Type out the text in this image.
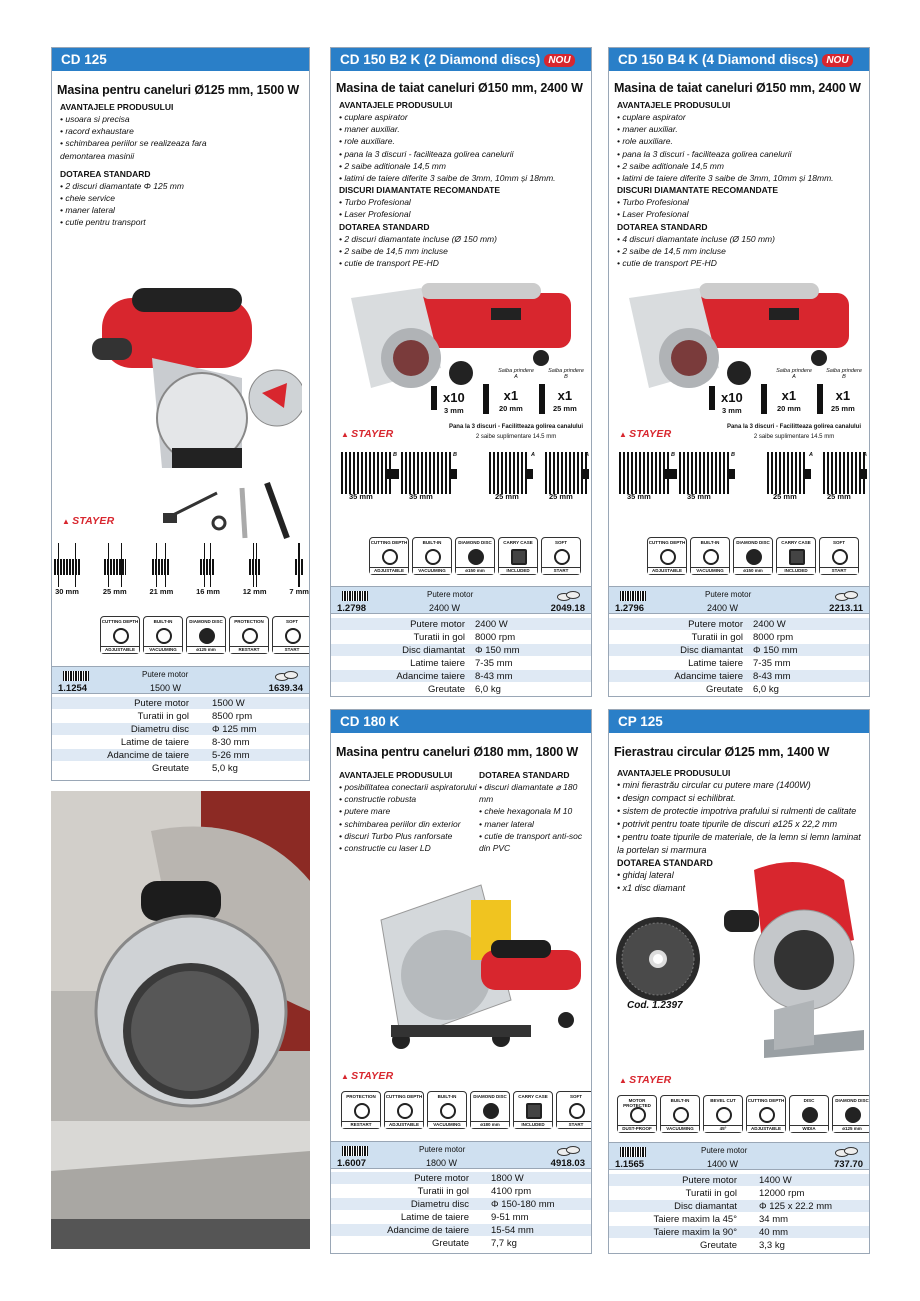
CD 125
Masina pentru caneluri Ø125 mm, 1500 W
AVANTAJELE PRODUSULUI
• usoara si precisa
• racord exhaustare
• schimbarea periilor se realizeaza fara
demontarea masinii
DOTAREA STANDARD
• 2 discuri diamantate Φ 125 mm
• cheie service
• maner lateral
• cutie pentru transport
▲ STAYER
30 mm	25 mm	21 mm	16 mm	12 mm	7 mm
CUTTING DEPTH
ADJUSTABLE
BUILT-IN
VACUUMING
DIAMOND DISC
ø125 mm
PROTECTION
RESTART
SOFT
START
Putere motor
1.1254	1500 W	1639.34
Putere motor 1500 W
Turatii in gol 8500 rpm
Diametru disc Φ 125 mm
Latime de taiere 8-30 mm
Adancime de taiere 5-26 mm
Greutate 5,0 kg
CD 150 B2 K (2 Diamond discs) NOU
Masina de taiat caneluri Ø150 mm, 2400 W
AVANTAJELE PRODUSULUI
• cuplare aspirator
• maner auxiliar.
• role auxiliare.
• pana la 3 discuri - faciliteaza golirea canelurii
• 2 saibe aditionale 14,5 mm
• latimi de taiere diferite 3 saibe de 3mm, 10mm și 18mm.
DISCURI DIAMANTATE RECOMANDATE
• Turbo Profesional
• Laser Profesional
DOTAREA STANDARD
• 2 discuri diamantate incluse (Ø 150 mm)
• 2 saibe de 14,5 mm incluse
• cutie de transport PE-HD
Saiba prindere A
Saiba prindere B
x10
3 mm
x1
20 mm
x1
25 mm
Pana la 3 discuri - Facilitteaza golirea canalului
2 saibe suplimentare 14.5 mm
▲ STAYER
B
35 mm
B
35 mm
A
25 mm
A
25 mm
CUTTING DEPTH
ADJUSTABLE
BUILT-IN
VACUUMING
DIAMOND DISC
ø150 mm
CARRY CASE
INCLUDED
SOFT
START
Putere motor
1.2798	2400 W	2049.18
Putere motor 2400 W
Turatii in gol 8000 rpm
Disc diamantat Φ 150 mm
Latime taiere 7-35 mm
Adancime taiere 8-43 mm
Greutate 6,0 kg
CD 150 B4 K (4 Diamond discs) NOU
Masina de taiat caneluri Ø150 mm, 2400 W
AVANTAJELE PRODUSULUI
• cuplare aspirator
• maner auxiliar.
• role auxiliare.
• pana la 3 discuri - faciliteaza golirea canelurii
• 2 saibe aditionale 14,5 mm
• latimi de taiere diferite 3 saibe de 3mm, 10mm și 18mm.
DISCURI DIAMANTATE RECOMANDATE
• Turbo Profesional
• Laser Profesional
DOTAREA STANDARD
• 4 discuri diamantate incluse (Ø 150 mm)
• 2 saibe de 14,5 mm incluse
• cutie de transport PE-HD
Saiba prindere A
Saiba prindere B
x10
3 mm
x1
20 mm
x1
25 mm
Pana la 3 discuri - Facilitteaza golirea canalului
2 saibe suplimentare 14.5 mm
▲ STAYER
B
35 mm
B
35 mm
A
25 mm
A
25 mm
CUTTING DEPTH
ADJUSTABLE
BUILT-IN
VACUUMING
DIAMOND DISC
ø150 mm
CARRY CASE
INCLUDED
SOFT
START
Putere motor
1.2796	2400 W	2213.11
Putere motor 2400 W
Turatii in gol 8000 rpm
Disc diamantat Φ 150 mm
Latime taiere 7-35 mm
Adancime taiere 8-43 mm
Greutate 6,0 kg
CD 180 K
Masina pentru caneluri Ø180 mm, 1800 W
AVANTAJELE PRODUSULUI
• posibilitatea conectarii aspiratorului
• constructie robusta
• putere mare
• schimbarea periilor din exterior
• discuri Turbo Plus ranforsate
• constructie cu laser LD
DOTAREA STANDARD
• discuri diamantate ⌀ 180 mm
• cheie hexagonala M 10
• maner lateral
• cutie de transport anti-soc
din PVC
▲ STAYER
PROTECTION
RESTART
CUTTING DEPTH
ADJUSTABLE
BUILT-IN
VACUUMING
DIAMOND DISC
ø180 mm
CARRY CASE
INCLUDED
SOFT
START
Putere motor
1.6007	1800 W	4918.03
Putere motor 1800 W
Turatii in gol 4100 rpm
Diametru disc Φ 150-180 mm
Latime de taiere 9-51 mm
Adancime de taiere 15-54 mm
Greutate 7,7 kg
CP 125
Fierastrau circular Ø125 mm, 1400 W
AVANTAJELE PRODUSULUI
• mini fierastrău circular cu putere mare (1400W)
• design compact si echilibrat.
• sistem de protectie impotriva prafului si rulmenti de calitate
• potrivit pentru toate tipurile de discuri ⌀125 x 22,2 mm
• pentru toate tipurile de materiale, de la lemn si lemn laminat
la portelan si marmura
DOTAREA STANDARD
• ghidaj lateral
• x1 disc diamant
Cod. 1.2397
▲ STAYER
MOTOR PROTECTED
DUST-PROOF
BUILT-IN
VACUUMING
BEVEL CUT
45º
CUTTING DEPTH
ADJUSTABLE
DISC
WIDIA
DIAMOND DISC
ø125 mm
Putere motor
1.1565	1400 W	737.70
Putere motor 1400 W
Turatii in gol 12000 rpm
Disc diamantat Φ 125 x 22.2 mm
Taiere maxim la 45° 34 mm
Taiere maxim la 90° 40 mm
Greutate 3,3 kg
